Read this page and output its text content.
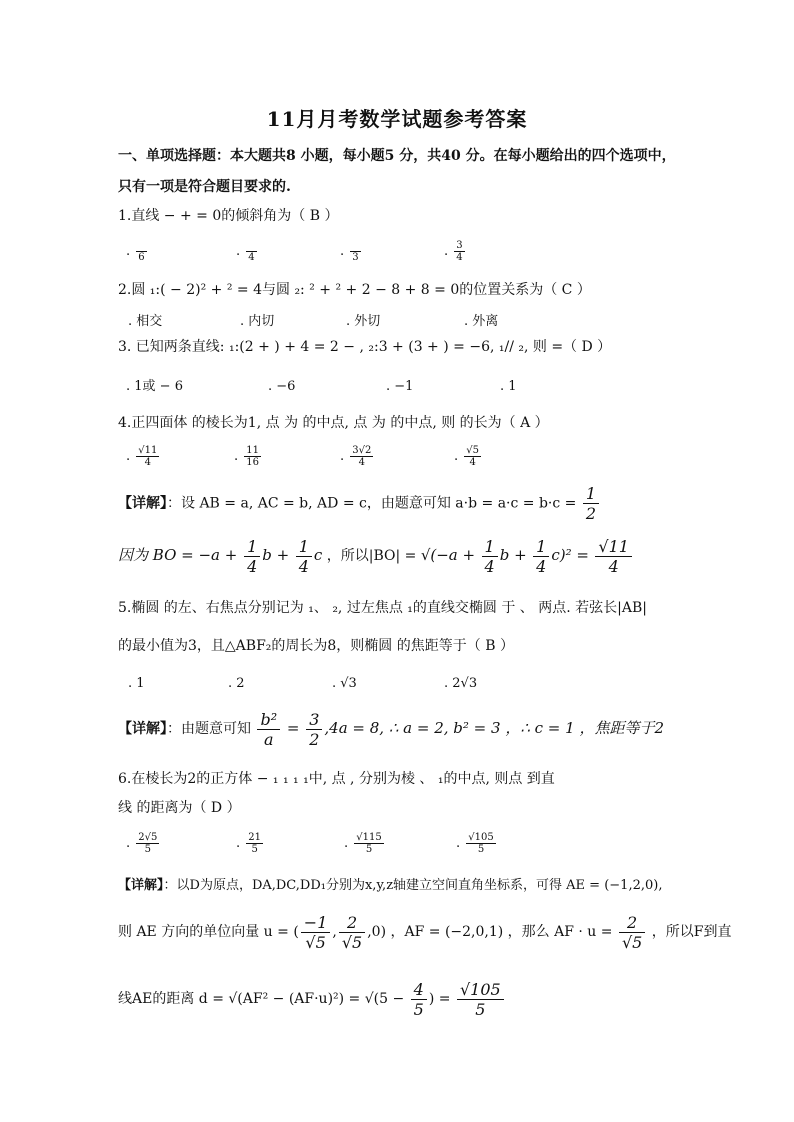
11月月考数学试题参考答案
一、单项选择题：本大题共8 小题，每小题5 分，共40 分。在每小题给出的四个选项中，
只有一项是符合题目要求的.
1.直线 − + = 0的倾斜角为（ B ）
.
6	.
4	.
3	. $\frac{3}{4}$
2.圆 ₁:( − 2)² + ² = 4与圆 ₂: ² + ² + 2 − 8 + 8 = 0的位置关系为（ C ）
. 相交	. 内切	. 外切	. 外离
3. 已知两条直线: ₁:(2 + ) + 4 = 2 − , ₂:3 + (3 + ) = −6, ₁// ₂, 则 =（ D ）
. 1或 − 6	. −6	. −1	. 1
4.正四面体 的棱长为1, 点 为 的中点, 点 为 的中点, 则 的长为（ A ）
. $\frac{√11}{4}$	. $\frac{11}{16}$	. $\frac{3√2}{4}$	. $\frac{√5}{4}$
【详解】：设 AB = a, AC = b, AD = c，由题意可知 $a\cdot b = a\cdot c = b\cdot c = \frac{1}{2}$
因为 BO = $-a + \frac{1}{4}$ $b + \frac{1}{4}$ c ，所以$|BO| = √(-a + \frac{1}{4}$ $b + \frac{1}{4} c)^2 = \frac{√11}{4}$
5.椭圆 的左、右焦点分别记为 ₁、 ₂, 过左焦点 ₁的直线交椭圆 于 、 两点. 若弦长|AB|
的最小值为3，且△ABF₂的周长为8，则椭圆 的焦距等于（ B ）
. 1	. 2	. √3	. 2√3
【详解】：由题意可知 $\frac{\text{b²}}{a} = \frac{3}{2} ,4a = 8$, ∴ a = 2, b² = 3 ，∴ c = 1 ，焦距等于2
6.在棱长为2的正方体 − ₁ ₁ ₁ ₁中, 点 , 分别为棱 、 ₁的中点, 则点 到直
线 的距离为（ D ）
. $\frac{2√5}{5}$	. $\frac{21}{5}$	. $\frac{√115}{5}$	. $\frac{√105}{5}$
【详解】：以D为原点，DA,DC,DD₁分别为x,y,z轴建立空间直角坐标系，可得 AE = (−1,2,0),
则 AE 方向的单位向量 u = ( $\frac{-1}{√5}$ , $\frac{2}{√5} ,0$) ，AF = (−2,0,1) ，那么 AF · $u = \frac{2}{√5}$ ，所以F到直
线AE的距离 $d = √(AF^2 - (AF\cdot u)^2) = √(5 - \frac{4}{5}$ ) = $\frac{√105}{5}$
